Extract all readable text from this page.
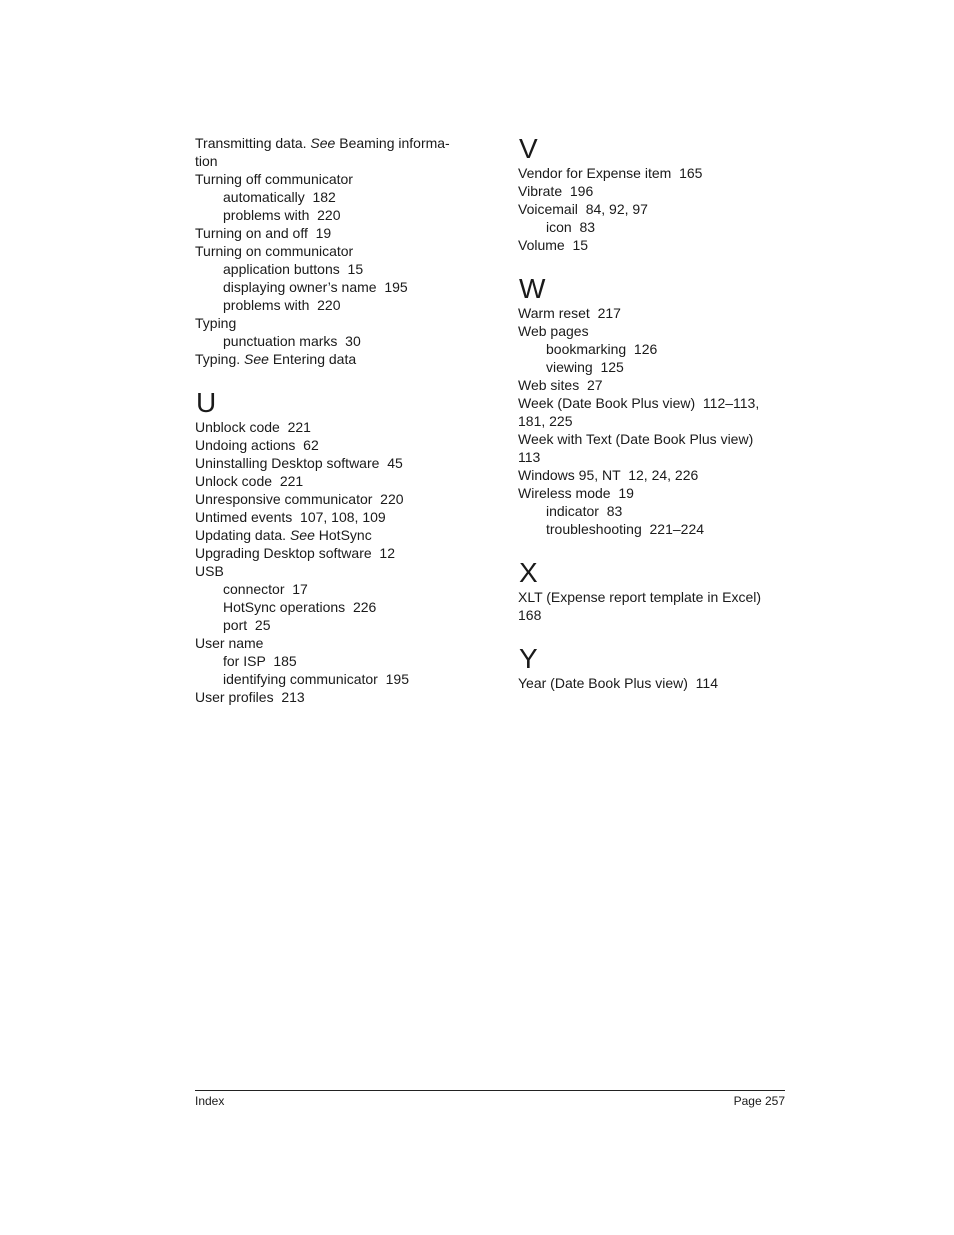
Transmitting data. See Beaming informa-
tion
Turning off communicator
automatically  182
problems with  220
Turning on and off  19
Turning on communicator
application buttons  15
displaying owner’s name  195
problems with  220
Typing
punctuation marks  30
Typing. See Entering data
U
Unblock code  221
Undoing actions  62
Uninstalling Desktop software  45
Unlock code  221
Unresponsive communicator  220
Untimed events  107, 108, 109
Updating data. See HotSync
Upgrading Desktop software  12
USB
connector  17
HotSync operations  226
port  25
User name
for ISP  185
identifying communicator  195
User profiles  213
V
Vendor for Expense item  165
Vibrate  196
Voicemail  84, 92, 97
icon  83
Volume  15
W
Warm reset  217
Web pages
bookmarking  126
viewing  125
Web sites  27
Week (Date Book Plus view)  112–113, 181, 225
Week with Text (Date Book Plus view)  113
Windows 95, NT  12, 24, 226
Wireless mode  19
indicator  83
troubleshooting  221–224
X
XLT (Expense report template in Excel)  168
Y
Year (Date Book Plus view)  114
Index	Page 257
